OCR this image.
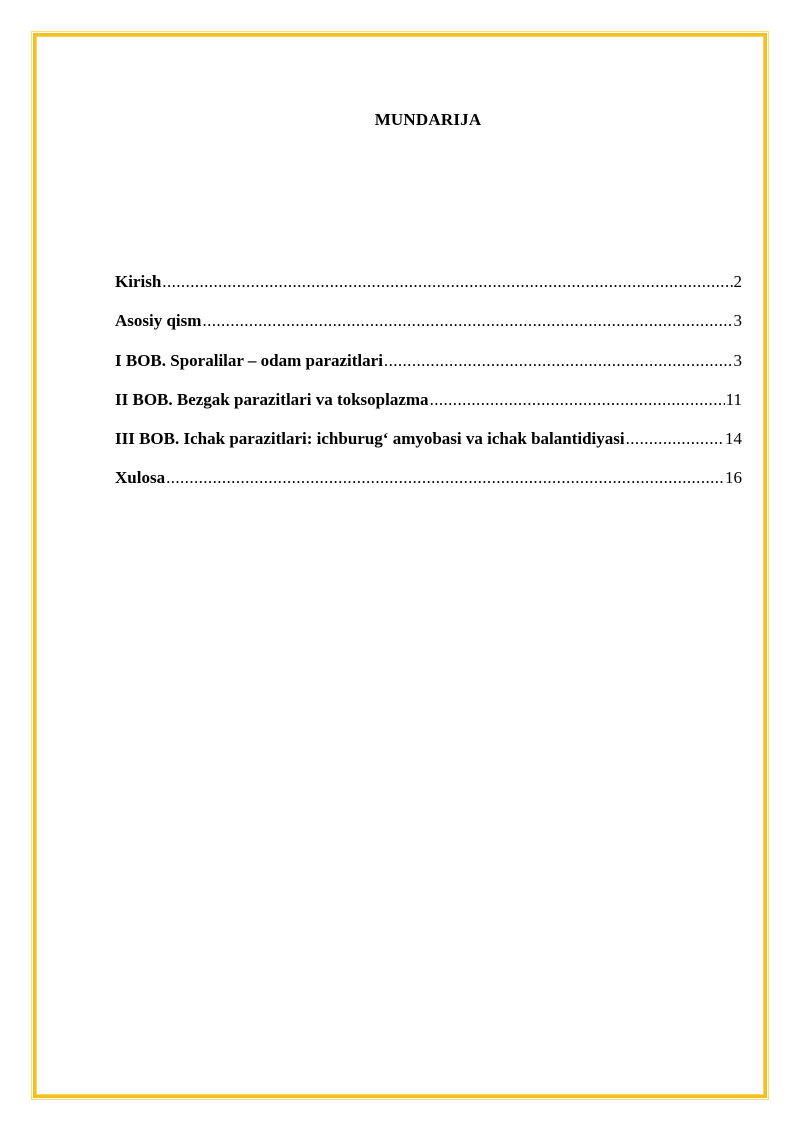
MUNDARIJA
Kirish .....	2
Asosiy qism .....	3
I BOB. Sporalilar – odam parazitlari .....	3
II BOB. Bezgak parazitlari va toksoplazma .....	11
III BOB. Ichak parazitlari: ichburug‘ amyobasi va ichak balantidiyasi .....	14
Xulosa .....	16
